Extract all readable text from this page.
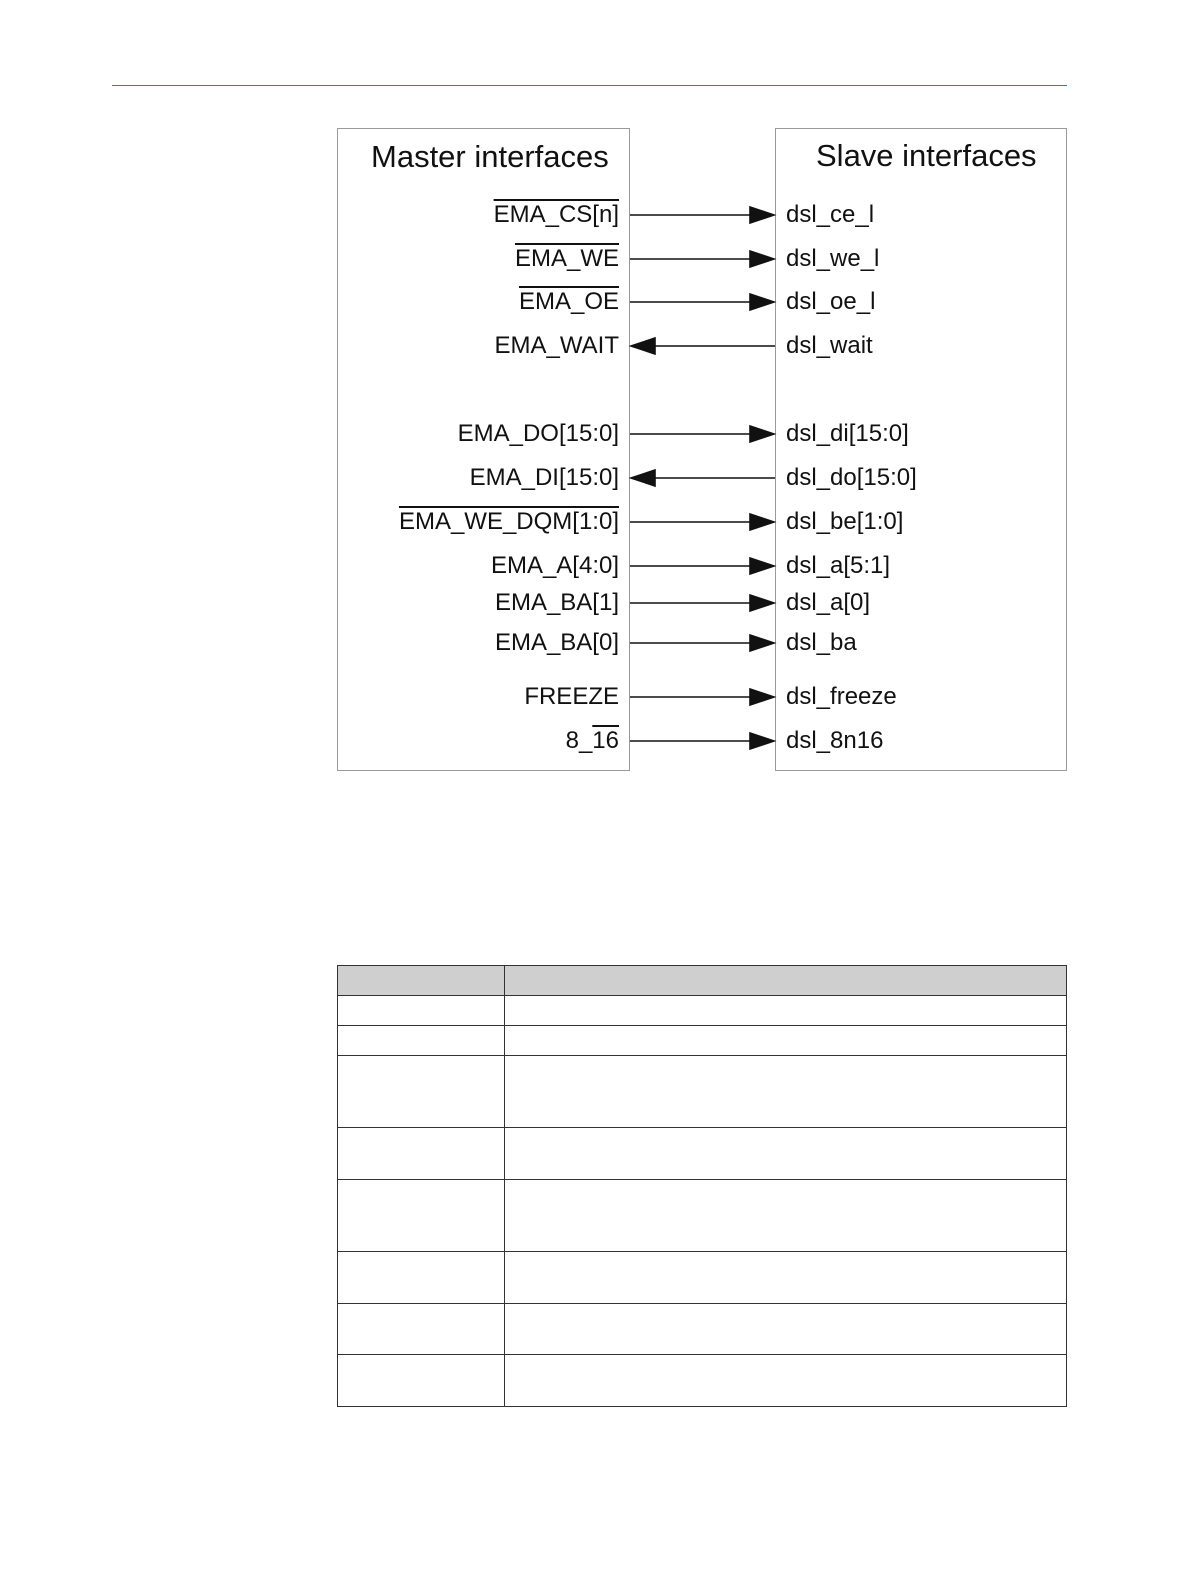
Master interfaces	Slave interfaces
EMA_CS[n]
EMA_WE
EMA_OE
EMA_WAIT
EMA_DO[15:0]
EMA_DI[15:0]
EMA_WE_DQM[1:0]
EMA_A[4:0]
EMA_BA[1]
EMA_BA[0]
FREEZE
8_16
dsl_ce_l
dsl_we_l
dsl_oe_l
dsl_wait
dsl_di[15:0]
dsl_do[15:0]
dsl_be[1:0]
dsl_a[5:1]
dsl_a[0]
dsl_ba
dsl_freeze
dsl_8n16
